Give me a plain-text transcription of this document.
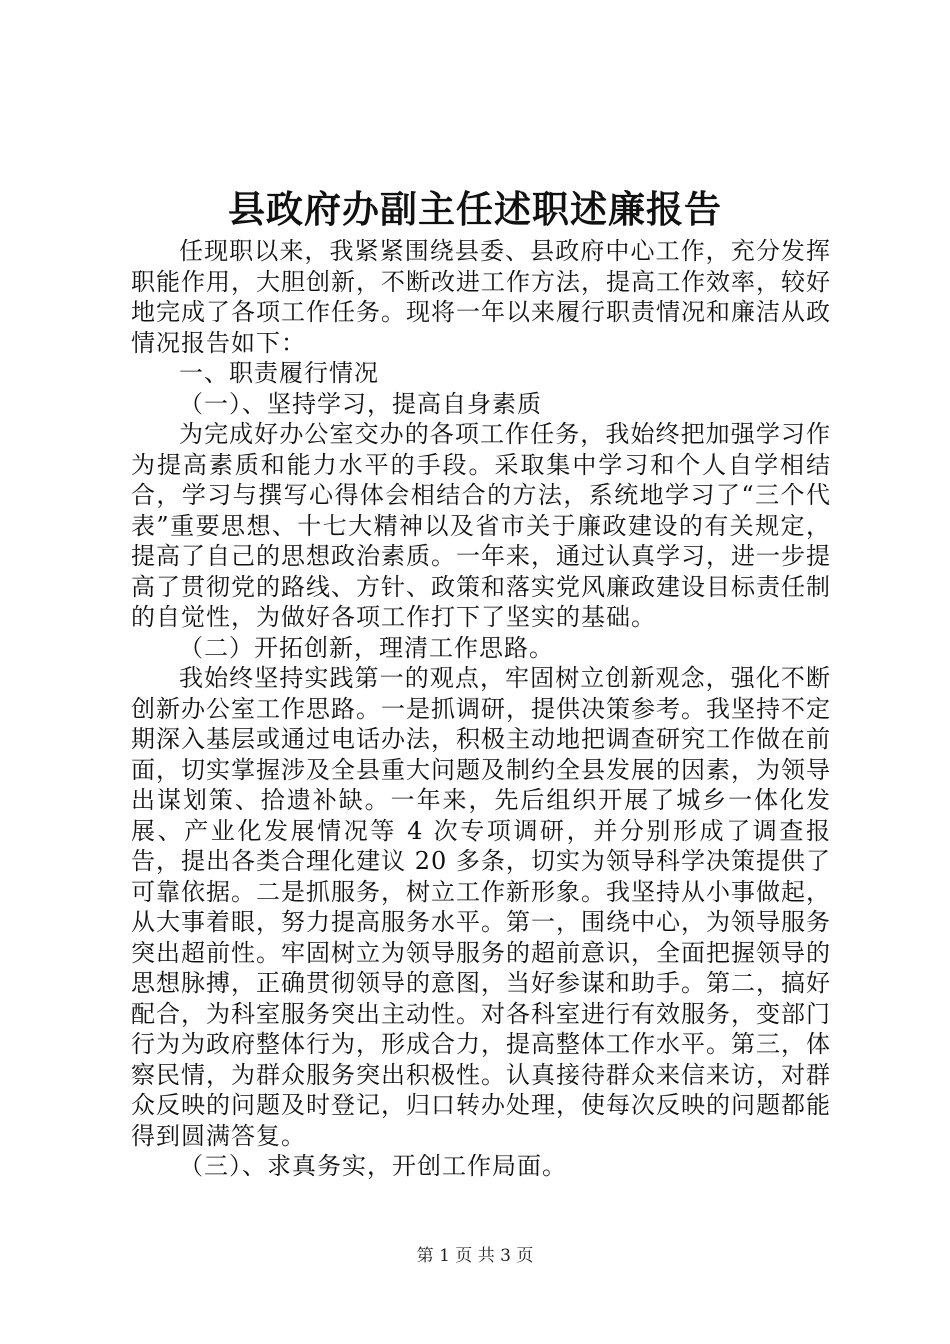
县政府办副主任述职述廉报告

任现职以来，我紧紧围绕县委、县政府中心工作，充分发挥职能作用，大胆创新，不断改进工作方法，提高工作效率，较好地完成了各项工作任务。现将一年以来履行职责情况和廉洁从政情况报告如下：

一、职责履行情况

（一）、坚持学习，提高自身素质

为完成好办公室交办的各项工作任务，我始终把加强学习作为提高素质和能力水平的手段。采取集中学习和个人自学相结合，学习与撰写心得体会相结合的方法，系统地学习了“三个代表”重要思想、十七大精神以及省市关于廉政建设的有关规定，提高了自己的思想政治素质。一年来，通过认真学习，进一步提高了贯彻党的路线、方针、政策和落实党风廉政建设目标责任制的自觉性，为做好各项工作打下了坚实的基础。

（二）开拓创新，理清工作思路。

我始终坚持实践第一的观点，牢固树立创新观念，强化不断创新办公室工作思路。一是抓调研，提供决策参考。我坚持不定期深入基层或通过电话办法，积极主动地把调查研究工作做在前面，切实掌握涉及全县重大问题及制约全县发展的因素，为领导出谋划策、拾遗补缺。一年来，先后组织开展了城乡一体化发展、产业化发展情况等 4 次专项调研，并分别形成了调查报告，提出各类合理化建议 20 多条，切实为领导科学决策提供了可靠依据。二是抓服务，树立工作新形象。我坚持从小事做起，从大事着眼，努力提高服务水平。第一，围绕中心，为领导服务突出超前性。牢固树立为领导服务的超前意识，全面把握领导的思想脉搏，正确贯彻领导的意图，当好参谋和助手。第二，搞好配合，为科室服务突出主动性。对各科室进行有效服务，变部门行为为政府整体行为，形成合力，提高整体工作水平。第三，体察民情，为群众服务突出积极性。认真接待群众来信来访，对群众反映的问题及时登记，归口转办处理，使每次反映的问题都能得到圆满答复。

（三）、求真务实，开创工作局面。

第 1 页 共 3 页
